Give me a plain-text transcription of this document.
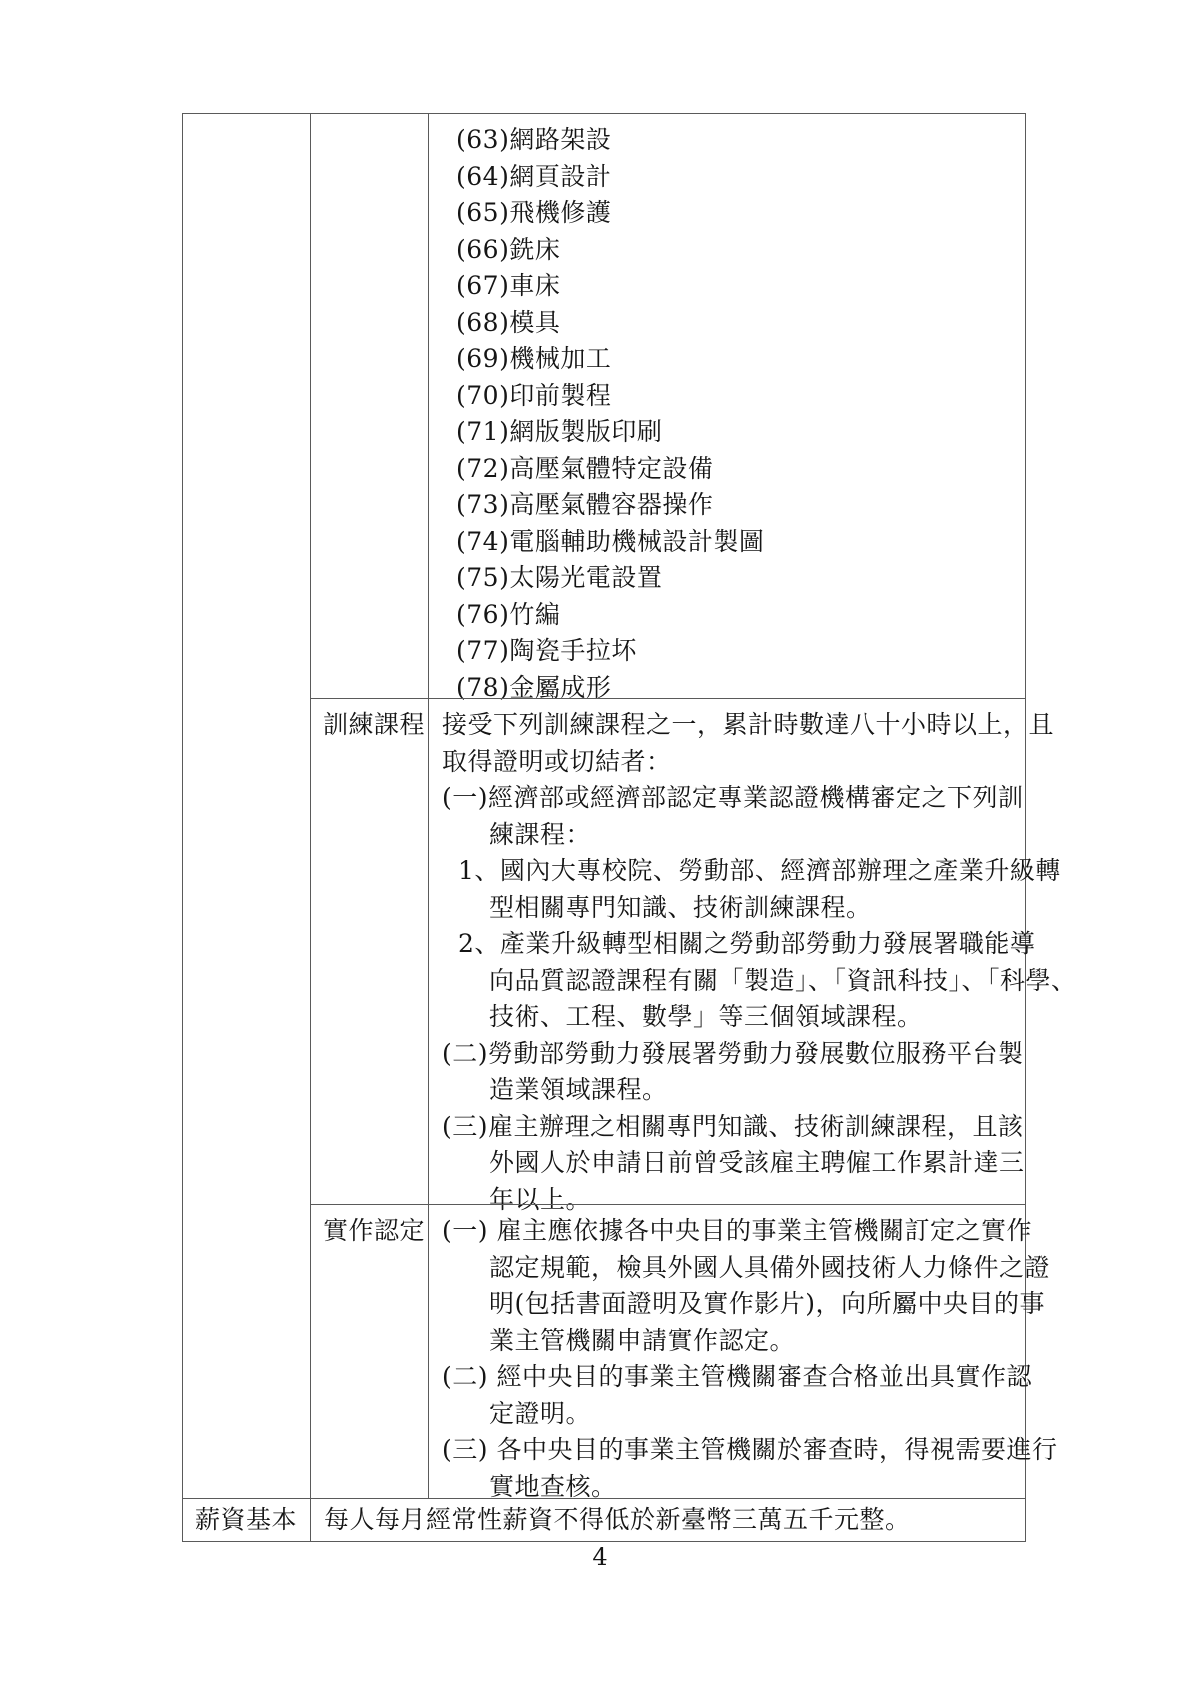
(63)網路架設
(64)網頁設計
(65)飛機修護
(66)銑床
(67)車床
(68)模具
(69)機械加工
(70)印前製程
(71)網版製版印刷
(72)高壓氣體特定設備
(73)高壓氣體容器操作
(74)電腦輔助機械設計製圖
(75)太陽光電設置
(76)竹編
(77)陶瓷手拉坏
(78)金屬成形
訓練課程 接受下列訓練課程之一，累計時數達八十小時以上，且
取得證明或切結者：
(一)經濟部或經濟部認定專業認證機構審定之下列訓
練課程：
1、國內大專校院、勞動部、經濟部辦理之產業升級轉
型相關專門知識、技術訓練課程。
2、產業升級轉型相關之勞動部勞動力發展署職能導
向品質認證課程有關「製造」、「資訊科技」、「科學、
技術、工程、數學」等三個領域課程。
(二)勞動部勞動力發展署勞動力發展數位服務平台製
造業領域課程。
(三)雇主辦理之相關專門知識、技術訓練課程，且該
外國人於申請日前曾受該雇主聘僱工作累計達三
年以上。
實作認定 (一) 雇主應依據各中央目的事業主管機關訂定之實作
認定規範，檢具外國人具備外國技術人力條件之證
明(包括書面證明及實作影片)，向所屬中央目的事
業主管機關申請實作認定。
(二) 經中央目的事業主管機關審查合格並出具實作認
定證明。
(三) 各中央目的事業主管機關於審查時，得視需要進行
實地查核。
薪資基本 每人每月經常性薪資不得低於新臺幣三萬五千元整。
4
